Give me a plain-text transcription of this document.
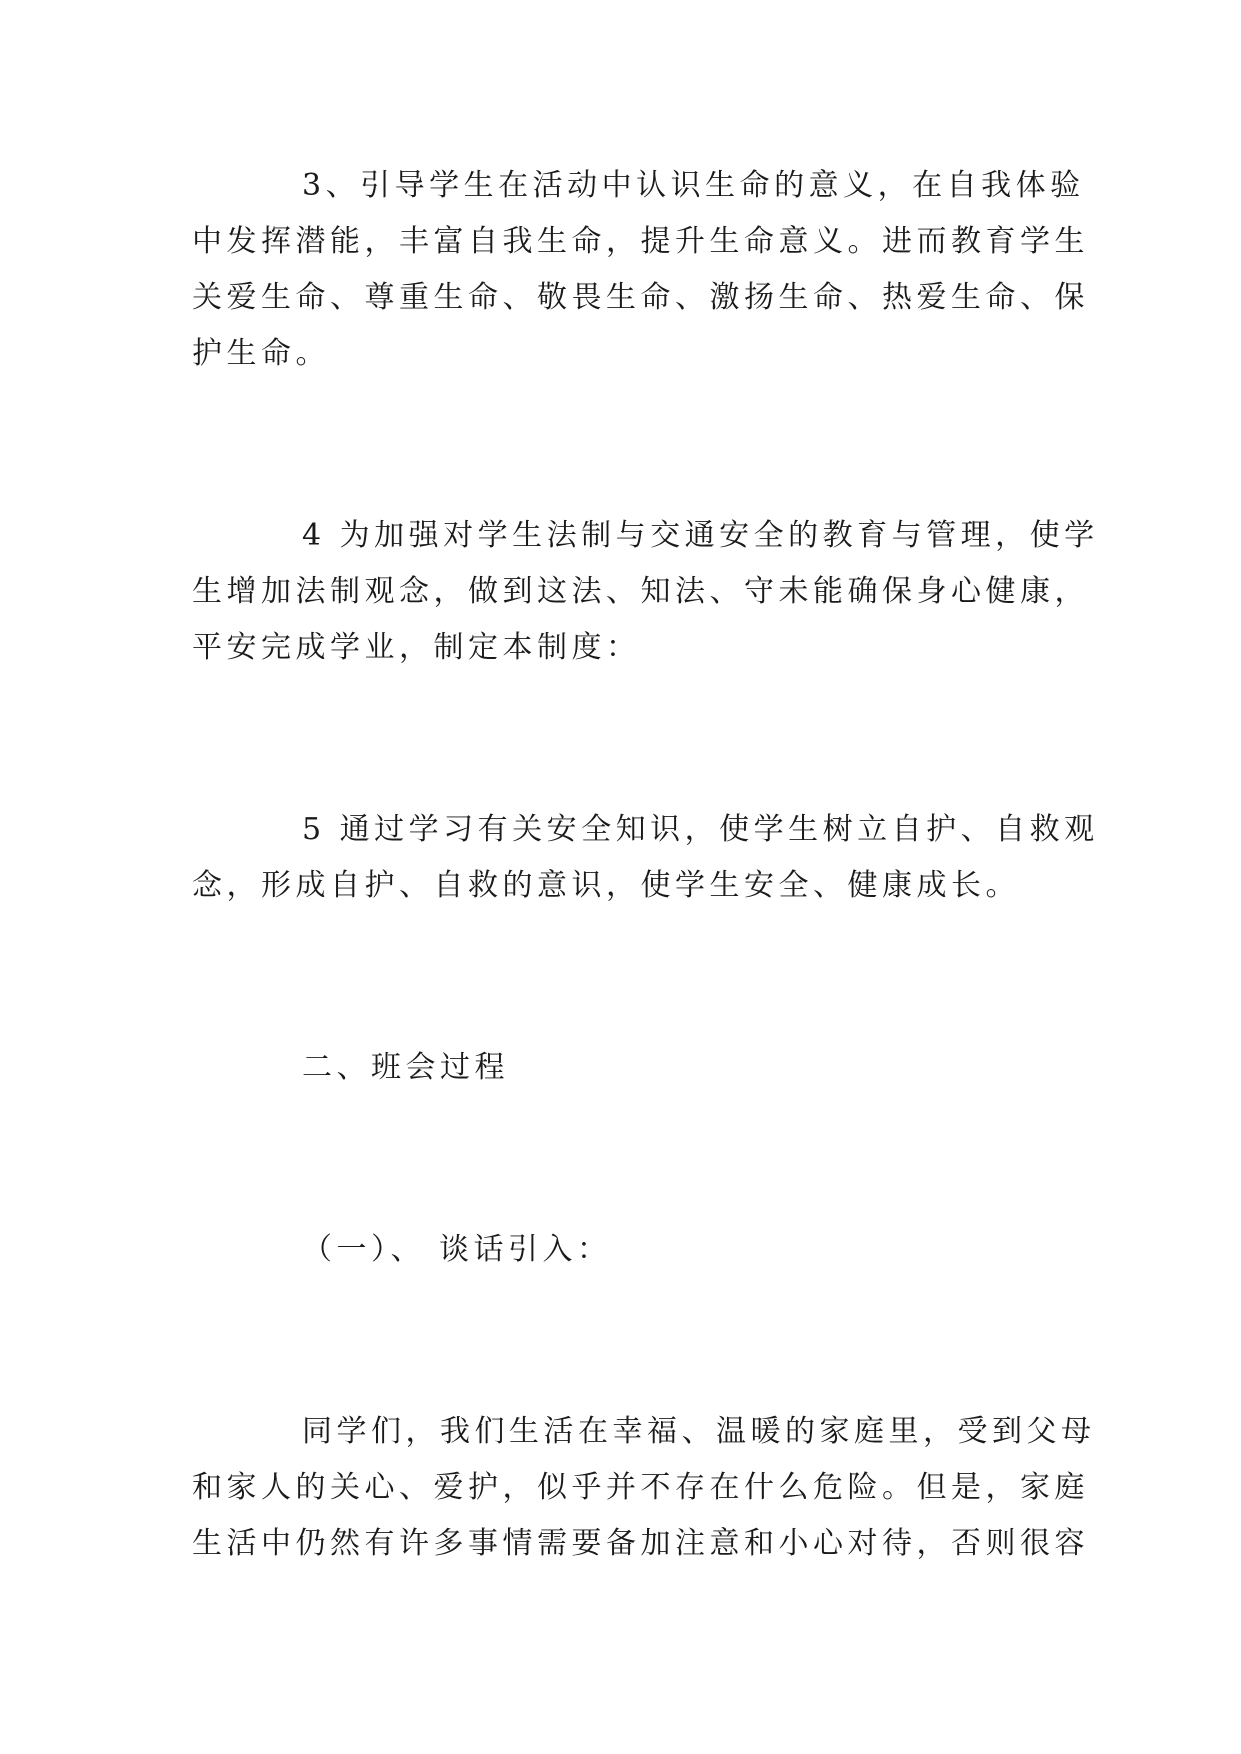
3、引导学生在活动中认识生命的意义，在自我体验
中发挥潜能，丰富自我生命，提升生命意义。进而教育学生
关爱生命、尊重生命、敬畏生命、激扬生命、热爱生命、保
护生命。
4 为加强对学生法制与交通安全的教育与管理，使学
生增加法制观念，做到这法、知法、守未能确保身心健康，
平安完成学业，制定本制度：
5 通过学习有关安全知识，使学生树立自护、自救观
念，形成自护、自救的意识，使学生安全、健康成长。
二、班会过程
（一）、 谈话引入：
同学们，我们生活在幸福、温暖的家庭里，受到父母
和家人的关心、爱护，似乎并不存在什么危险。但是，家庭
生活中仍然有许多事情需要备加注意和小心对待，否则很容
